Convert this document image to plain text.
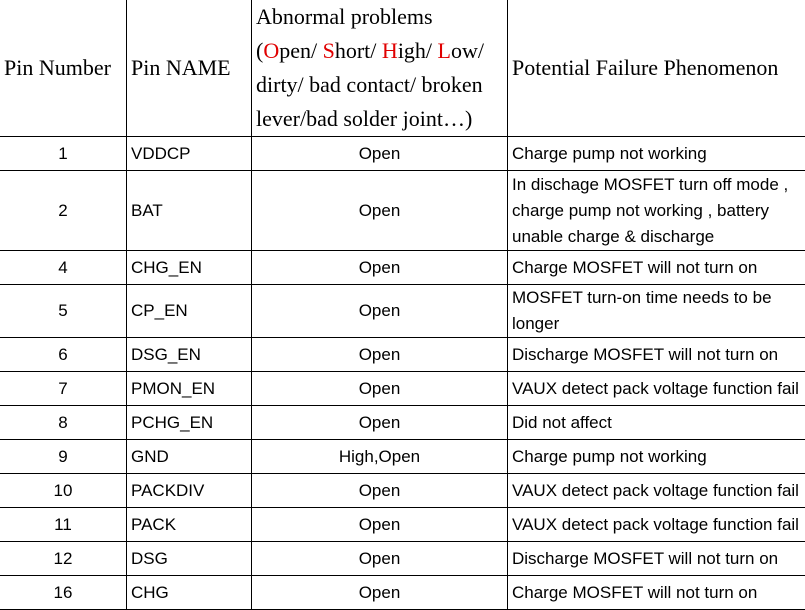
Pin Number	Pin NAME	Abnormal problems
(Open/ Short/ High/ Low/
dirty/ bad contact/ broken
lever/bad solder joint…)	Potential Failure Phenomenon
1	VDDCP	Open	Charge pump not working
2	BAT	Open	In dischage MOSFET turn off mode , charge pump not working , battery unable charge & discharge
4	CHG_EN	Open	Charge MOSFET will not turn on
5	CP_EN	Open	MOSFET turn-on time needs to be longer
6	DSG_EN	Open	Discharge MOSFET will not turn on
7	PMON_EN	Open	VAUX detect pack voltage function fail
8	PCHG_EN	Open	Did not affect
9	GND	High,Open	Charge pump not working
10	PACKDIV	Open	VAUX detect pack voltage function fail
11	PACK	Open	VAUX detect pack voltage function fail
12	DSG	Open	Discharge MOSFET will not turn on
16	CHG	Open	Charge MOSFET will not turn on
